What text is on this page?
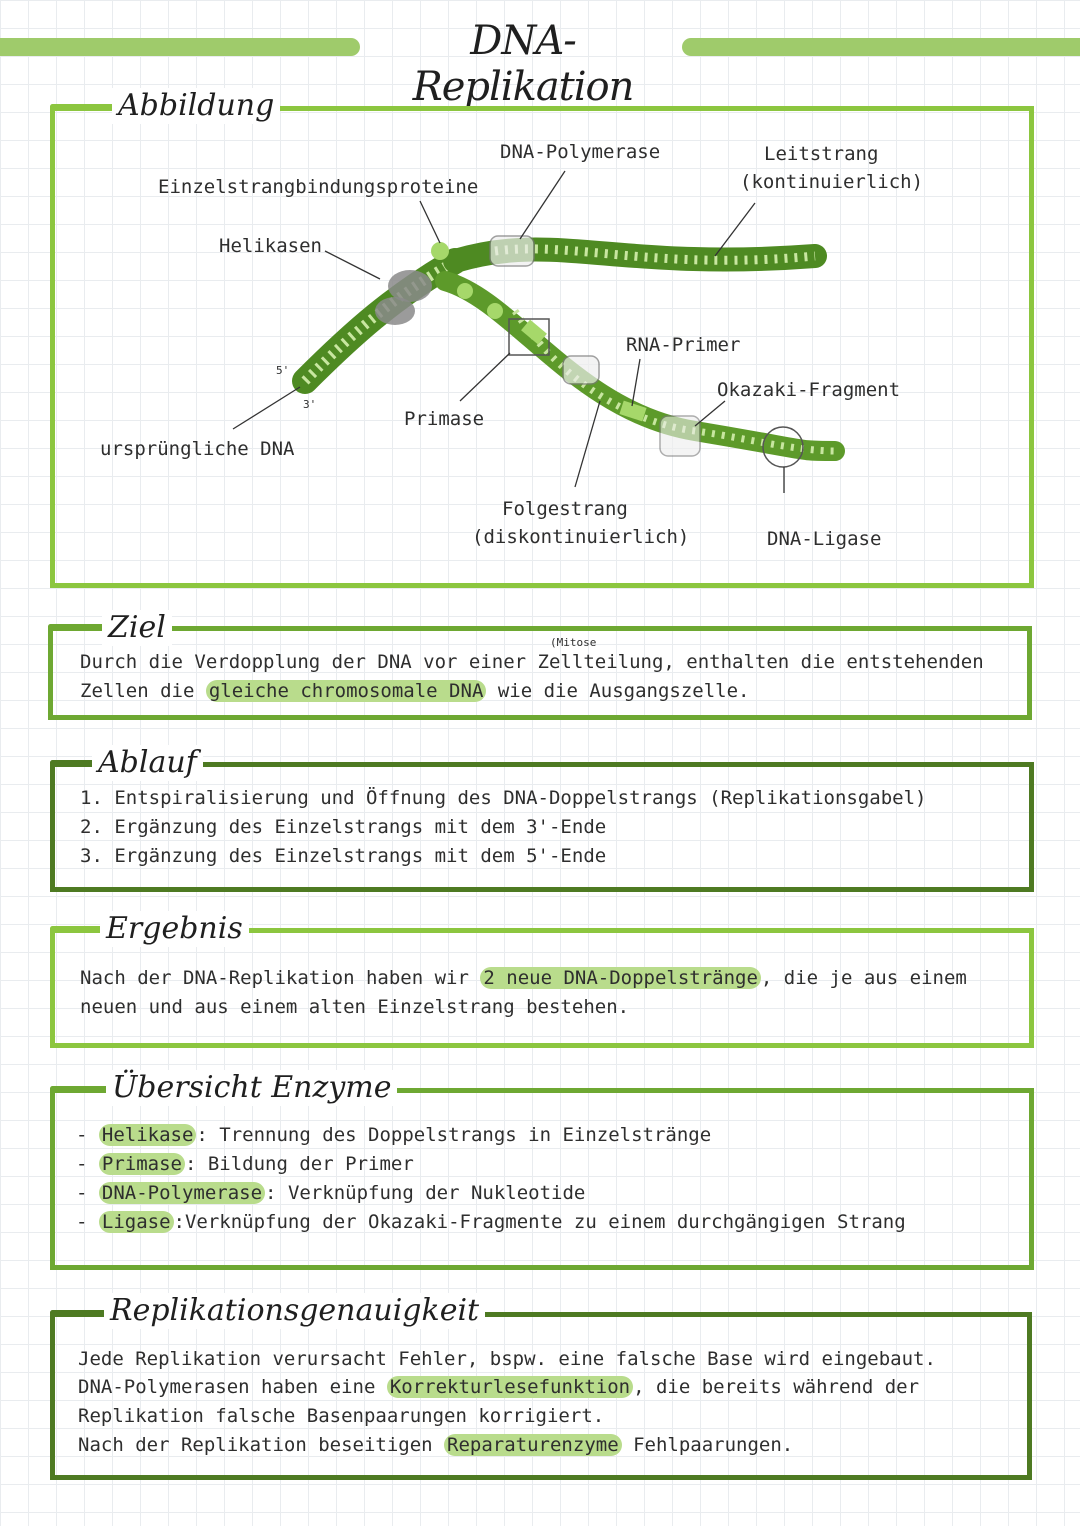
DNA-Replikation
Abbildung
DNA-Polymerase	Leitstrang
(kontinuierlich)
Einzelstrangbindungsproteine
Helikasen
RNA-Primer
Okazaki-Fragment
Primase
ursprüngliche DNA
Folgestrang
(diskontinuierlich)	DNA-Ligase
5'
3'
Ziel	(Mitose
Durch die Verdopplung der DNA vor einer Zellteilung, enthalten die entstehenden
Zellen die gleiche chromosomale DNA wie die Ausgangszelle.
Ablauf
1. Entspiralisierung und Öffnung des DNA-Doppelstrangs (Replikationsgabel)
2. Ergänzung des Einzelstrangs mit dem 3'-Ende
3. Ergänzung des Einzelstrangs mit dem 5'-Ende
Ergebnis
Nach der DNA-Replikation haben wir 2 neue DNA-Doppelstränge , die je aus einem
neuen und aus einem alten Einzelstrang bestehen.
Übersicht Enzyme
- Helikase : Trennung des Doppelstrangs in Einzelstränge
- Primase : Bildung der Primer
- DNA-Polymerase : Verknüpfung der Nukleotide
- Ligase :Verknüpfung der Okazaki-Fragmente zu einem durchgängigen Strang
Replikationsgenauigkeit
Jede Replikation verursacht Fehler, bspw. eine falsche Base wird eingebaut.
DNA-Polymerasen haben eine Korrekturlesefunktion , die bereits während der
Replikation falsche Basenpaarungen korrigiert.
Nach der Replikation beseitigen Reparaturenzyme Fehlpaarungen.
